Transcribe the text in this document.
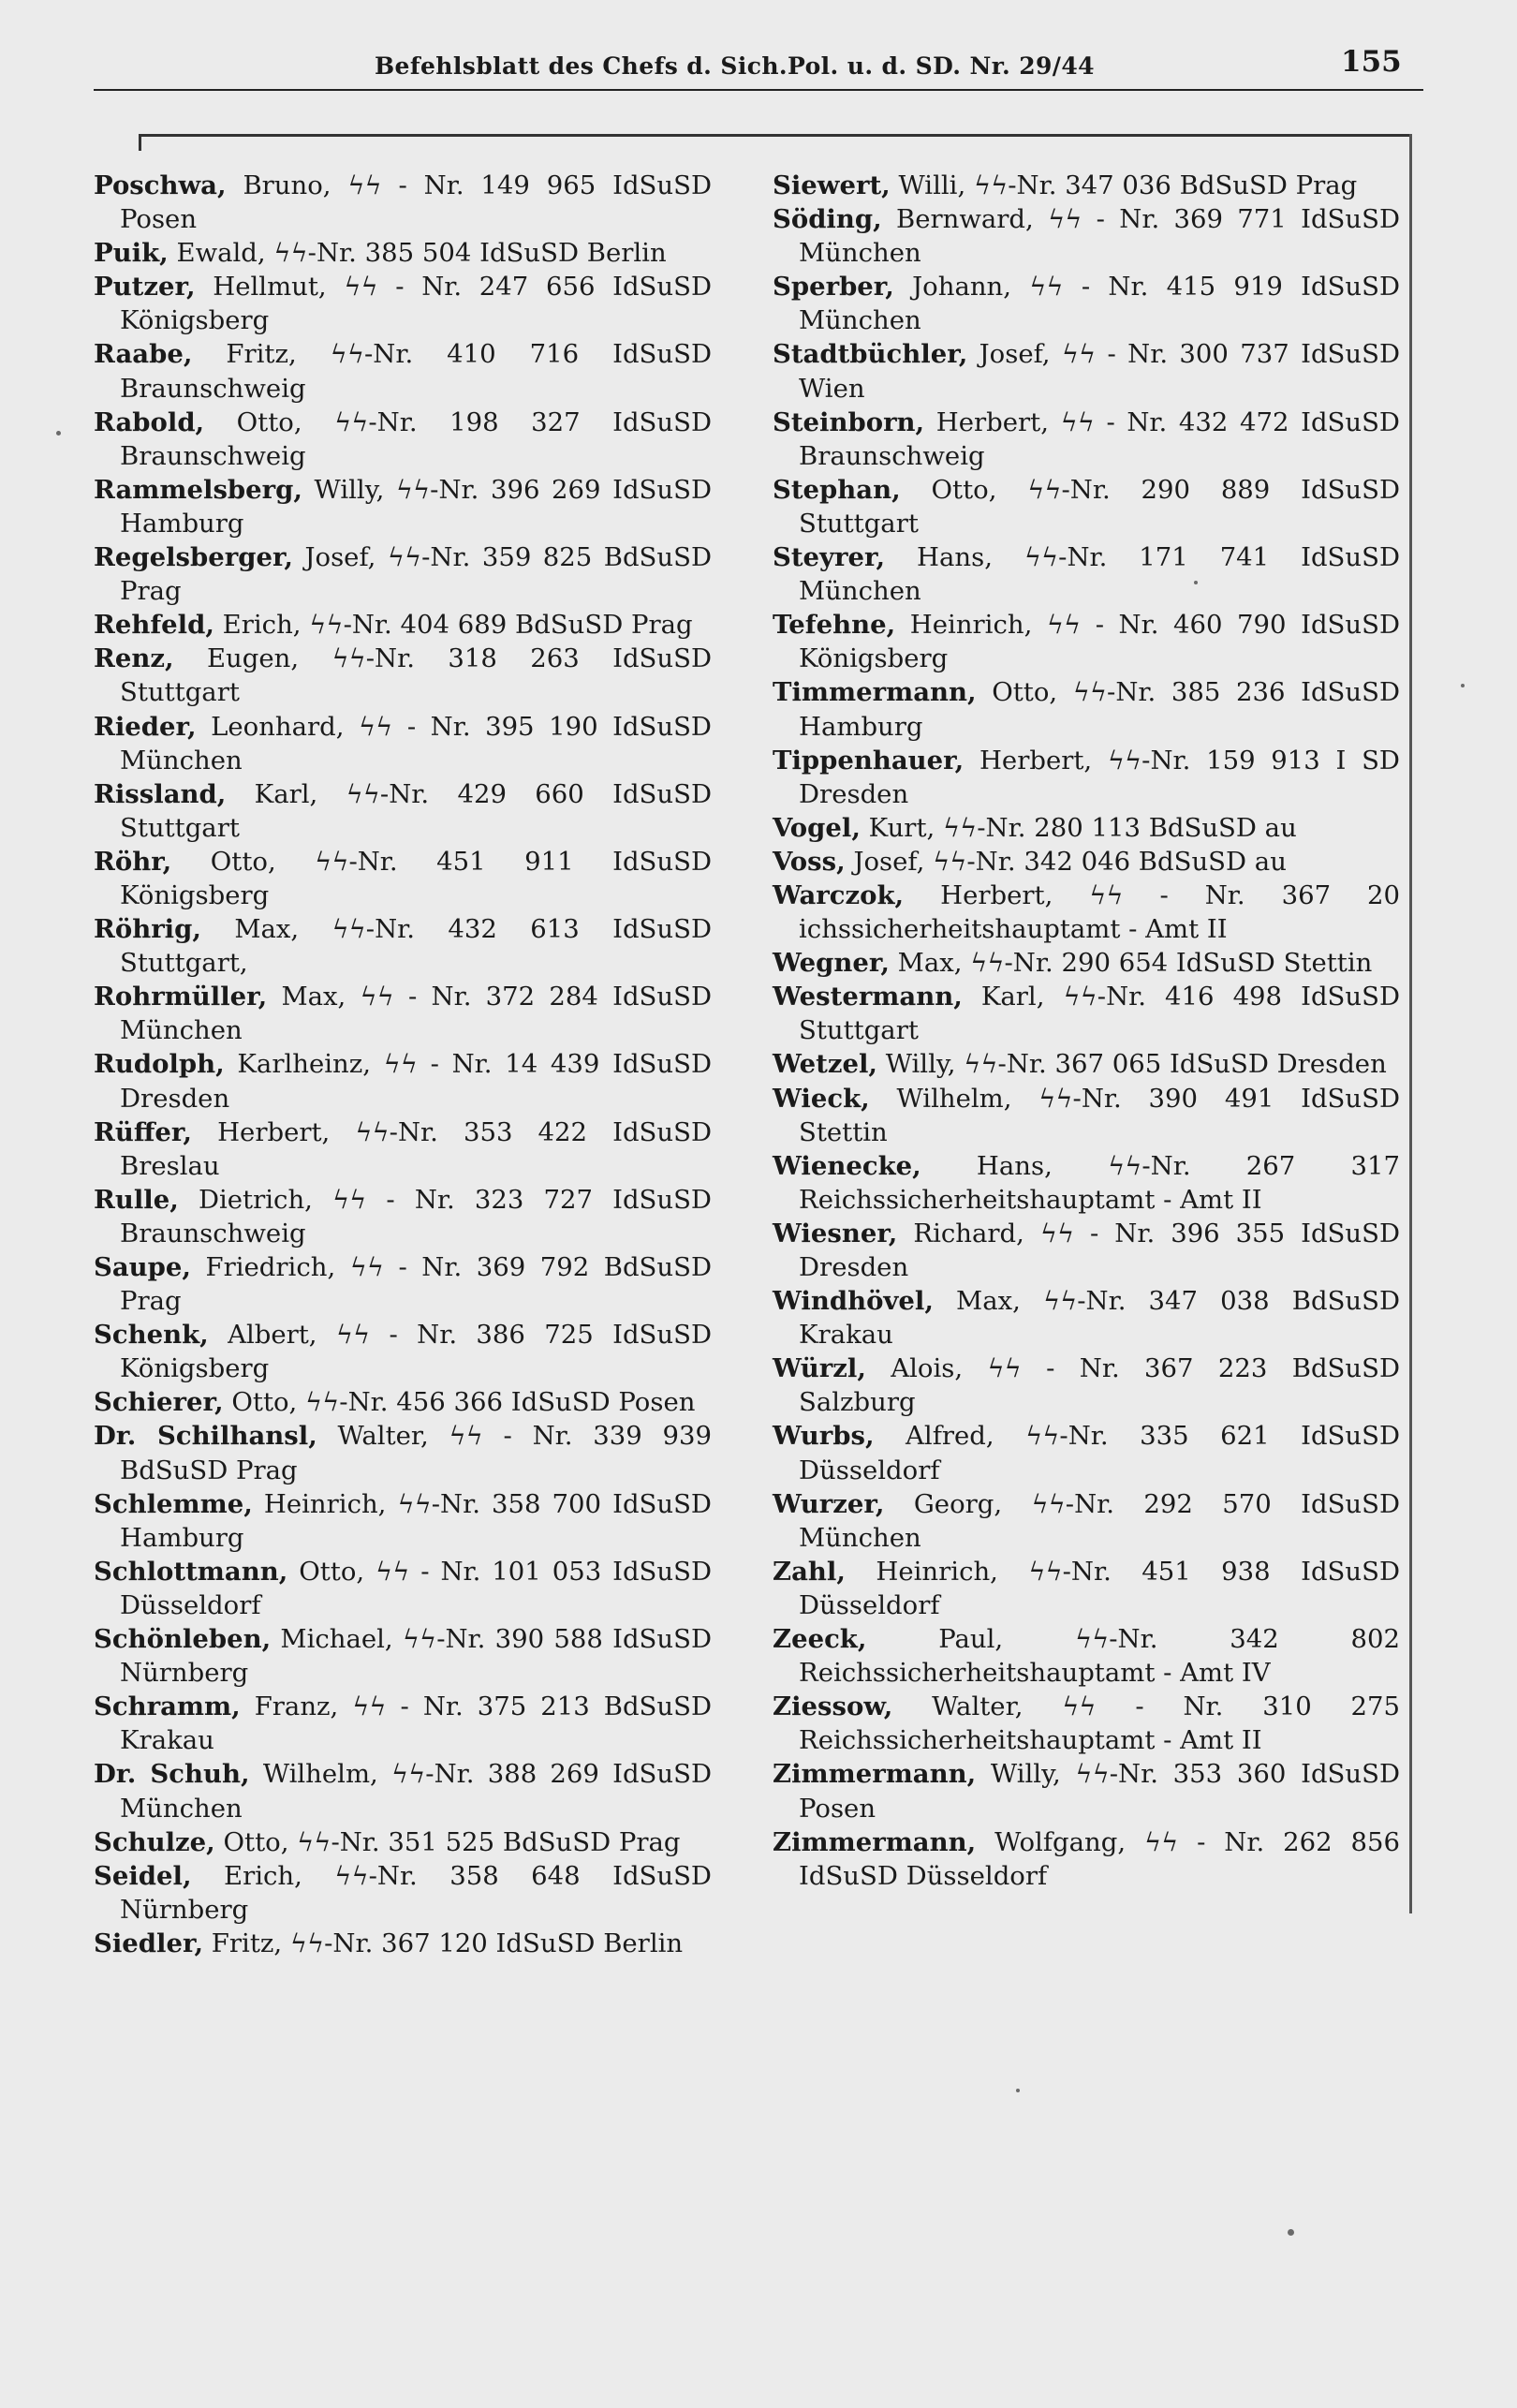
Befehlsblatt des Chefs d. Sich.Pol. u. d. SD. Nr. 29/44	155
Poschwa, Bruno, ϟϟ - Nr. 149 965 IdSuSD Posen
Puik, Ewald, ϟϟ-Nr. 385 504 IdSuSD Berlin
Putzer, Hellmut, ϟϟ - Nr. 247 656 IdSuSD Königsberg
Raabe, Fritz, ϟϟ-Nr. 410 716 IdSuSD Braunschweig
Rabold, Otto, ϟϟ-Nr. 198 327 IdSuSD Braunschweig
Rammelsberg, Willy, ϟϟ-Nr. 396 269 IdSuSD Hamburg
Regelsberger, Josef, ϟϟ-Nr. 359 825 BdSuSD Prag
Rehfeld, Erich, ϟϟ-Nr. 404 689 BdSuSD Prag
Renz, Eugen, ϟϟ-Nr. 318 263 IdSuSD Stuttgart
Rieder, Leonhard, ϟϟ - Nr. 395 190 IdSuSD München
Rissland, Karl, ϟϟ-Nr. 429 660 IdSuSD Stuttgart
Röhr, Otto, ϟϟ-Nr. 451 911 IdSuSD Königsberg
Röhrig, Max, ϟϟ-Nr. 432 613 IdSuSD Stuttgart,
Rohrmüller, Max, ϟϟ - Nr. 372 284 IdSuSD München
Rudolph, Karlheinz, ϟϟ - Nr. 14 439 IdSuSD Dresden
Rüffer, Herbert, ϟϟ-Nr. 353 422 IdSuSD Breslau
Rulle, Dietrich, ϟϟ - Nr. 323 727 IdSuSD Braunschweig
Saupe, Friedrich, ϟϟ - Nr. 369 792 BdSuSD Prag
Schenk, Albert, ϟϟ - Nr. 386 725 IdSuSD Königsberg
Schierer, Otto, ϟϟ-Nr. 456 366 IdSuSD Posen
Dr. Schilhansl, Walter, ϟϟ - Nr. 339 939 BdSuSD Prag
Schlemme, Heinrich, ϟϟ-Nr. 358 700 IdSuSD Hamburg
Schlottmann, Otto, ϟϟ - Nr. 101 053 IdSuSD Düsseldorf
Schönleben, Michael, ϟϟ-Nr. 390 588 IdSuSD Nürnberg
Schramm, Franz, ϟϟ - Nr. 375 213 BdSuSD Krakau
Dr. Schuh, Wilhelm, ϟϟ-Nr. 388 269 IdSuSD München
Schulze, Otto, ϟϟ-Nr. 351 525 BdSuSD Prag
Seidel, Erich, ϟϟ-Nr. 358 648 IdSuSD Nürnberg
Siedler, Fritz, ϟϟ-Nr. 367 120 IdSuSD Berlin
Siewert, Willi, ϟϟ-Nr. 347 036 BdSuSD Prag
Söding, Bernward, ϟϟ - Nr. 369 771 IdSuSD München
Sperber, Johann, ϟϟ - Nr. 415 919 IdSuSD München
Stadtbüchler, Josef, ϟϟ - Nr. 300 737 IdSuSD Wien
Steinborn, Herbert, ϟϟ - Nr. 432 472 IdSuSD Braunschweig
Stephan, Otto, ϟϟ-Nr. 290 889 IdSuSD Stuttgart
Steyrer, Hans, ϟϟ-Nr. 171 741 IdSuSD München
Tefehne, Heinrich, ϟϟ - Nr. 460 790 IdSuSD Königsberg
Timmermann, Otto, ϟϟ-Nr. 385 236 IdSuSD Hamburg
Tippenhauer, Herbert, ϟϟ-Nr. 159 913 I SD Dresden
Vogel, Kurt, ϟϟ-Nr. 280 113 BdSuSD au
Voss, Josef, ϟϟ-Nr. 342 046 BdSuSD au
Warczok, Herbert, ϟϟ - Nr. 367 20 ichssicherheitshauptamt - Amt II
Wegner, Max, ϟϟ-Nr. 290 654 IdSuSD Stettin
Westermann, Karl, ϟϟ-Nr. 416 498 IdSuSD Stuttgart
Wetzel, Willy, ϟϟ-Nr. 367 065 IdSuSD Dresden
Wieck, Wilhelm, ϟϟ-Nr. 390 491 IdSuSD Stettin
Wienecke, Hans, ϟϟ-Nr. 267 317 Reichssicherheitshauptamt - Amt II
Wiesner, Richard, ϟϟ - Nr. 396 355 IdSuSD Dresden
Windhövel, Max, ϟϟ-Nr. 347 038 BdSuSD Krakau
Würzl, Alois, ϟϟ - Nr. 367 223 BdSuSD Salzburg
Wurbs, Alfred, ϟϟ-Nr. 335 621 IdSuSD Düsseldorf
Wurzer, Georg, ϟϟ-Nr. 292 570 IdSuSD München
Zahl, Heinrich, ϟϟ-Nr. 451 938 IdSuSD Düsseldorf
Zeeck,	Paul, ϟϟ-Nr. 342 802 Reichssicherheitshauptamt - Amt IV
Ziessow, Walter, ϟϟ - Nr. 310 275 Reichssicherheitshauptamt - Amt II
Zimmermann, Willy, ϟϟ-Nr. 353 360 IdSuSD Posen
Zimmermann, Wolfgang, ϟϟ - Nr. 262 856 IdSuSD Düsseldorf
